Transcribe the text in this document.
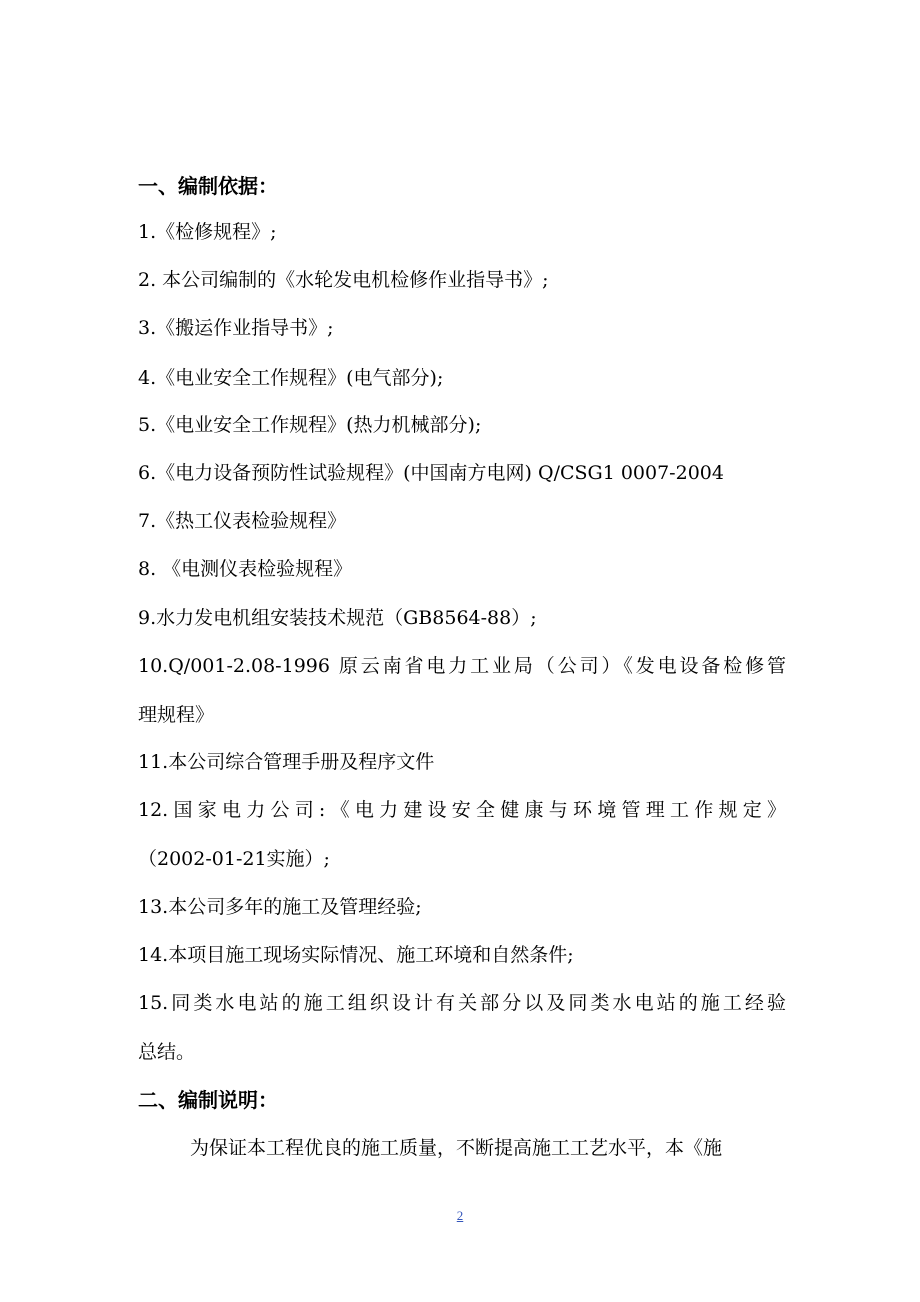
一、编制依据：
1.《检修规程》;
2. 本公司编制的《水轮发电机检修作业指导书》;
3.《搬运作业指导书》;
4.《电业安全工作规程》(电气部分);
5.《电业安全工作规程》(热力机械部分);
6.《电力设备预防性试验规程》(中国南方电网) Q/CSG1 0007-2004
7.《热工仪表检验规程》
8. 《电测仪表检验规程》
9.水力发电机组安装技术规范（GB8564-88）;
10.Q/001-2.08-1996 原云南省电力工业局（公司）《发电设备检修管
理规程》
11.本公司综合管理手册及程序文件
12.国家电力公司:《电力建设安全健康与环境管理工作规定》
（2002-01-21实施）;
13.本公司多年的施工及管理经验;
14.本项目施工现场实际情况、施工环境和自然条件;
15.同类水电站的施工组织设计有关部分以及同类水电站的施工经验
总结。
二、编制说明：
为保证本工程优良的施工质量，不断提高施工工艺水平，本《施
2
